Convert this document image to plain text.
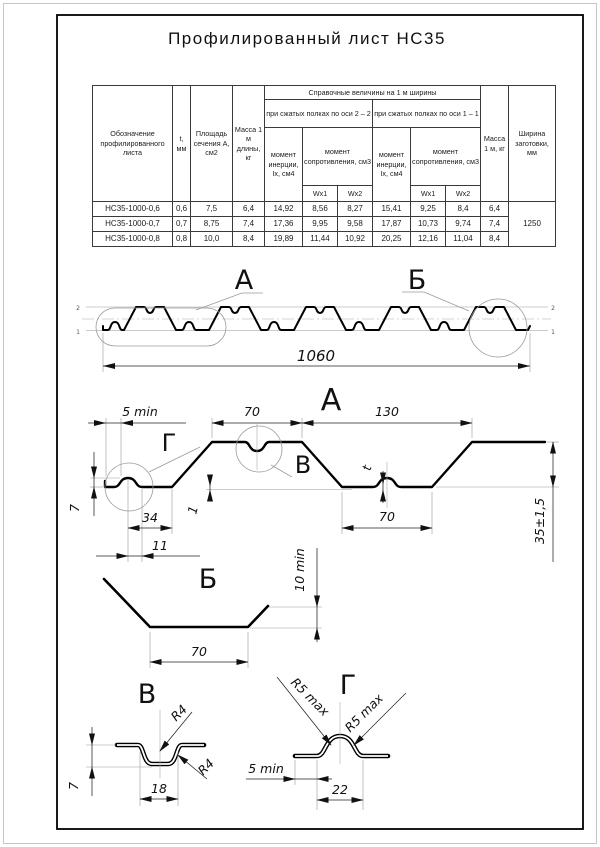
Профилированный лист НС35
Обозначение профилированного листа	t, мм	Площадь сечения А, см2	Масса 1 м длины, кг	Справочные величины на 1 м ширины						Масса 1 м, кг	Ширина заготовки, мм
				при сжатых полках по оси 2 – 2			при сжатых полках по оси 1 – 1				
				момент инерции, Ix, см4	момент сопротивления, см3		момент инерции, Ix, см4	момент сопротивления, см3			
					Wx1	Wx2		Wx1	Wx2		
НС35-1000-0,6	0,6	7,5	6,4	14,92	8,56	8,27	15,41	9,25	8,4	6,4	1250
НС35-1000-0,7	0,7	8,75	7,4	17,36	9,95	9,58	17,87	10,73	9,74	7,4	
НС35-1000-0,8	0,8	10,0	8,4	19,89	11,44	10,92	20,25	12,16	11,04	8,4	
2
1
2
1
А	Б
1060
А
Г
В
5 min	70	130
7
34
11
1
t
70	35±1,5
Б	10 min
70
В
R4
R4
7	18
Г
R5 max R5 max
5 min
22
